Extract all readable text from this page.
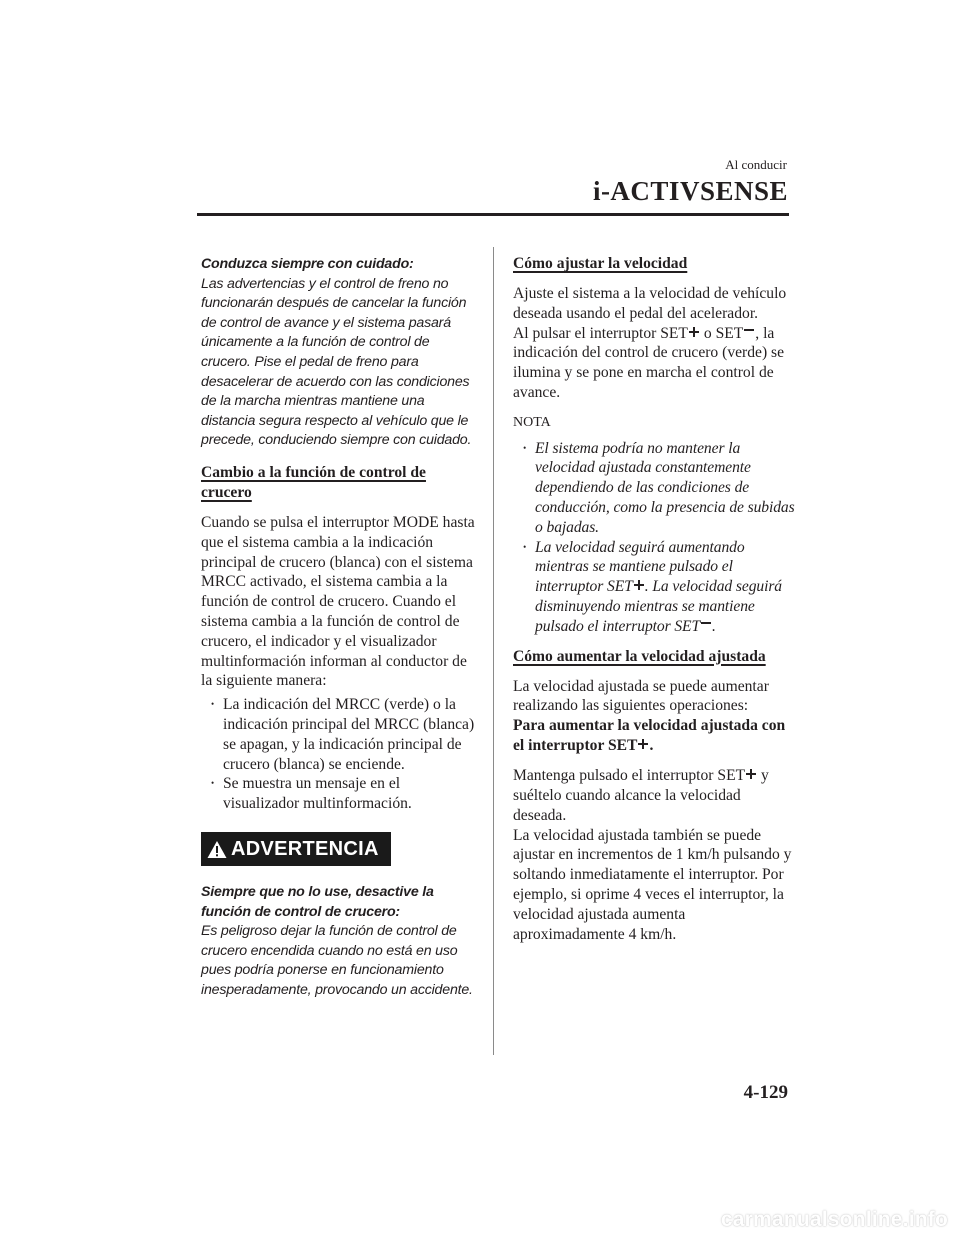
Al conducir
i-ACTIVSENSE

Conduzca siempre con cuidado:

Las advertencias y el control de freno no funcionarán después de cancelar la función de control de avance y el sistema pasará únicamente a la función de control de crucero. Pise el pedal de freno para desacelerar de acuerdo con las condiciones de la marcha mientras mantiene una distancia segura respecto al vehículo que le precede, conduciendo siempre con cuidado.

Cambio a la función de control de
crucero

Cuando se pulsa el interruptor MODE hasta que el sistema cambia a la indicación principal de crucero (blanca) con el sistema MRCC activado, el sistema cambia a la función de control de crucero. Cuando el sistema cambia a la función de control de crucero, el indicador y el visualizador multinformación informan al conductor de la siguiente manera:

• La indicación del MRCC (verde) o la indicación principal del MRCC (blanca) se apagan, y la indicación principal de crucero (blanca) se enciende.
• Se muestra un mensaje en el visualizador multinformación.
ADVERTENCIA

Siempre que no lo use, desactive la función de control de crucero:

Es peligroso dejar la función de control de crucero encendida cuando no está en uso pues podría ponerse en funcionamiento inesperadamente, provocando un accidente.

Cómo ajustar la velocidad

Ajuste el sistema a la velocidad de vehículo deseada usando el pedal del acelerador.

Al pulsar el interruptor SET o SET , la indicación del control de crucero (verde) se ilumina y se pone en marcha el control de avance.

NOTA

• El sistema podría no mantener la velocidad ajustada constantemente dependiendo de las condiciones de conducción, como la presencia de subidas o bajadas.
• La velocidad seguirá aumentando mientras se mantiene pulsado el interruptor SET . La velocidad seguirá disminuyendo mientras se mantiene pulsado el interruptor SET .

Cómo aumentar la velocidad ajustada

La velocidad ajustada se puede aumentar realizando las siguientes operaciones:

Para aumentar la velocidad ajustada con el interruptor SET .

Mantenga pulsado el interruptor SET y suéltelo cuando alcance la velocidad deseada.

La velocidad ajustada también se puede ajustar en incrementos de 1 km/h pulsando y soltando inmediatamente el interruptor. Por ejemplo, si oprime 4 veces el interruptor, la velocidad ajustada aumenta aproximadamente 4 km/h.

4-129
carmanualsonline.info
